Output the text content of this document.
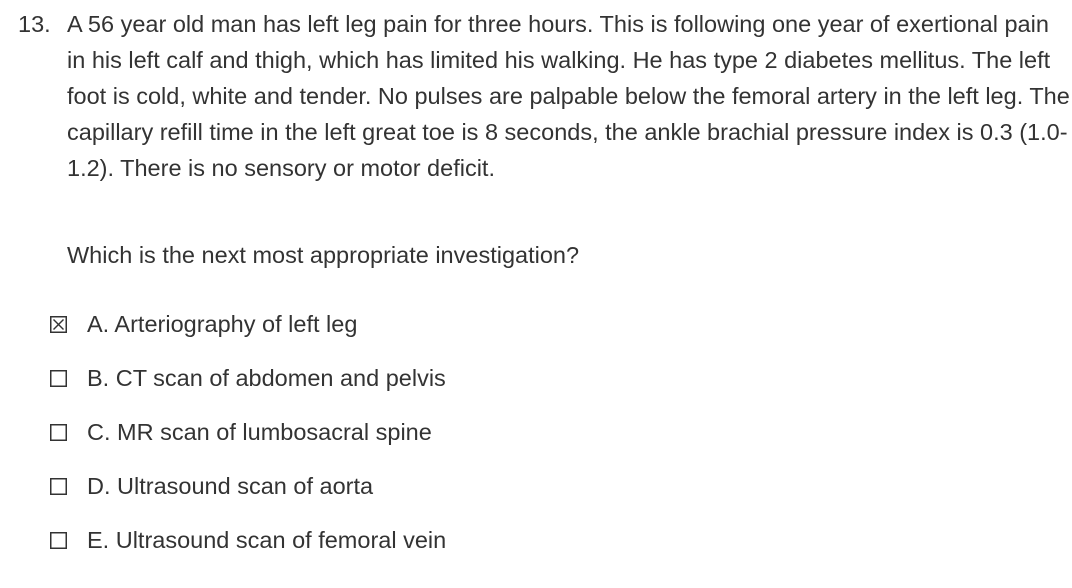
13. A 56 year old man has left leg pain for three hours. This is following one year of exertional pain in his left calf and thigh, which has limited his walking. He has type 2 diabetes mellitus. The left foot is cold, white and tender. No pulses are palpable below the femoral artery in the left leg. The capillary refill time in the left great toe is 8 seconds, the ankle brachial pressure index is 0.3 (1.0-1.2). There is no sensory or motor deficit.

Which is the next most appropriate investigation?

A. Arteriography of left leg
B. CT scan of abdomen and pelvis
C. MR scan of lumbosacral spine
D. Ultrasound scan of aorta
E. Ultrasound scan of femoral vein
